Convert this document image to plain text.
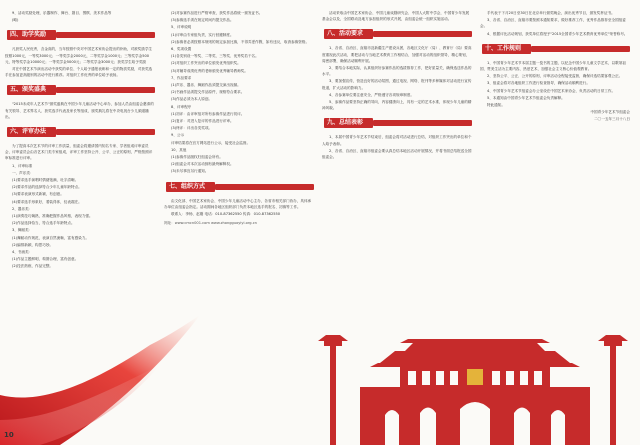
9、活动奖励处理，乐器制作、舞台、剧目、围棋、美术作品等
(略)
四、助学奖励
凡获奖人民优秀，含金高的，当年按照中央对中国艺术家协会提出的补助，对被奖励学生按照1000元，一等奖3000元；一等奖学金2000元，二等奖学金1000元；三等奖学金500元，特等奖学金10000元；一等奖学金5000元；二等奖学金3000元；获奖学生给予奖励
对在中国艺术节演出活动中获奖的单位、个人给予通报表彰和一定的物质奖励，对获奖选手在参加更高级别的活动中进行推荐。对组织工作优秀的单位给予表扬。
五、颁奖盛典
"2015未成年人艺术节"颁奖盛典在中国少年儿童活动中心举办，参加人员由组委会邀请的有关领导、艺术界名人、获奖选手代表及家长等组成，颁奖典礼将在中央电视台少儿频道播出。
六、评审办法
为了提高本次艺术节的评审工作质量，组委会将邀请国内知名专家、学者组成评审委员会，评审委员会由各艺术门类专家组成，评审工作坚持公开、公平、公正的原则，严格按照评审标准进行评审。
1、评审标准
一、声乐类：
(1)要求选手演唱时情绪饱满，吐字清晰。
(2)要求作品的选择符合少年儿童年龄特点。
(3)要求表演形式新颖，有创意。
(4)要求选手形象好，着装得体，仪表端庄。
2、器乐类：
(1)演奏技巧娴熟，准确把握作品风格，表现力强。
(2)作品选择恰当，符合选手年龄特点。
3、舞蹈类：
(1)舞蹈动作规范，表演自然流畅，富有感染力。
(2)编排新颖，构思巧妙。
4、书画类：
(1)作品主题鲜明，构图合理，富有创意。
(2)技法熟练，作品完整。
(2)对参赛作品进行严格审查，获奖作品将统一颁发证书。
(3)参赛选手须在规定时间内提交作品。
5、评审说明
(1)评审由专家组负责，实行回避制度。
(2)参赛者必须按照本规则的规定参加比赛，不得弄虚作假，如有违反，取消参赛资格。
6、奖项设置
(1)各类别设一等奖、二等奖、三等奖、优秀奖若干名。
(2)对组织工作突出的单位颁发优秀组织奖。
(3)对辅导成绩优秀的老师颁发优秀辅导教师奖。
7、作品要求
(1)声乐、器乐、舞蹈作品须提交演出视频。
(2)书画作品须提交作品原件，规格符合要求。
(3)作品必须为本人原创。
8、评审程序
(1)初评：由评审组对所有参赛作品进行初评。
(2)复评：对进入复评的作品进行评审。
(3)终评：评出各类奖项。
9、公示
评审结果将在官方网站进行公示，接受社会监督。
10、其他
(1)参赛作品版权归组委会所有。
(2)组委会对本次活动拥有最终解释权。
(3)未尽事宜另行通知。
七、组织方式
由文化部、中国艺术家协会、中国少年儿童活动中心主办，各省市相关部门协办，具体承办单位由组委会指定。活动期间各地区组织部门负责本地区选手的报名、初赛等工作。
联系人：李杨、赵刚 电话：010-87362550 传真：010-87362550
网址：www.cmcn001.com www.zhongguoyiyi.org.cn
活动采取由中国艺术家协会、中国儿童戏剧研究会、中国人大附中学会，中国青少年发展基金会以及，全国联动及地方参加组织的形式开展，由组委会统一组织实施活动。
八、活动要求
1、各省、自治区、直辖市及新疆生产建设兵团，各地区文化厅（局）、教育厅（局）要高度重视此次活动，要把活动与当地艺术教育工作相结合，加强对活动的组织领导，精心策划，周密部署，确保活动顺利开展。
2、要结合本地实际，认真组织好参赛作品的选拔推荐工作，把好质量关，确保选送作品的水平。
3、要加强宣传，营造良好的活动氛围，通过电视、网络、报刊等多种媒体对活动进行宣传报道，扩大活动的影响力。
4、各参赛单位要注意安全，严格遵守各项规章制度。
5、参赛作品要坚持正确的导向，内容健康向上，具有一定的艺术水准，体现少年儿童的精神风貌。
九、总结表彰
1、本届中国青少年艺术节结束后，组委会将对活动进行总结，对组织工作突出的单位和个人给予表彰。
2、各省、自治区、直辖市组委会要认真总结本地区活动开展情况，并将书面总结报送全国组委会。
手代表于下月20日至30日在北京举行颁奖晚会，演出优秀节目，颁发奖杯证书。
3、各省、自治区、直辖市要按照本通知要求，做好推荐工作，优秀作品推荐至全国组委会。
4、根据评比活动规划，获奖单位将授予"2015全国青少年艺术教育优秀单位"荣誉称号。
十、工作规则
1、中国青少年艺术节本届主题一览书的主题，以纪念中国少年儿童文学艺术，以歌颂祖国、赞美生活为主要内容，热爱艺术、加强社会主义核心价值观教育。
2、坚持公平、公正、公开的原则，评审活动全程接受监督，确保评选结果客观公正。
3、组委会将对各地组织工作进行检查指导，确保活动顺利进行。
4、中国青少年艺术节组委会办公室设在中国艺术家协会，负责活动的日常工作。
5、本通知由中国青少年艺术节组委会负责解释。
特此通知。
中国青少年艺术节组委会
二〇一五年三月十八日
10
